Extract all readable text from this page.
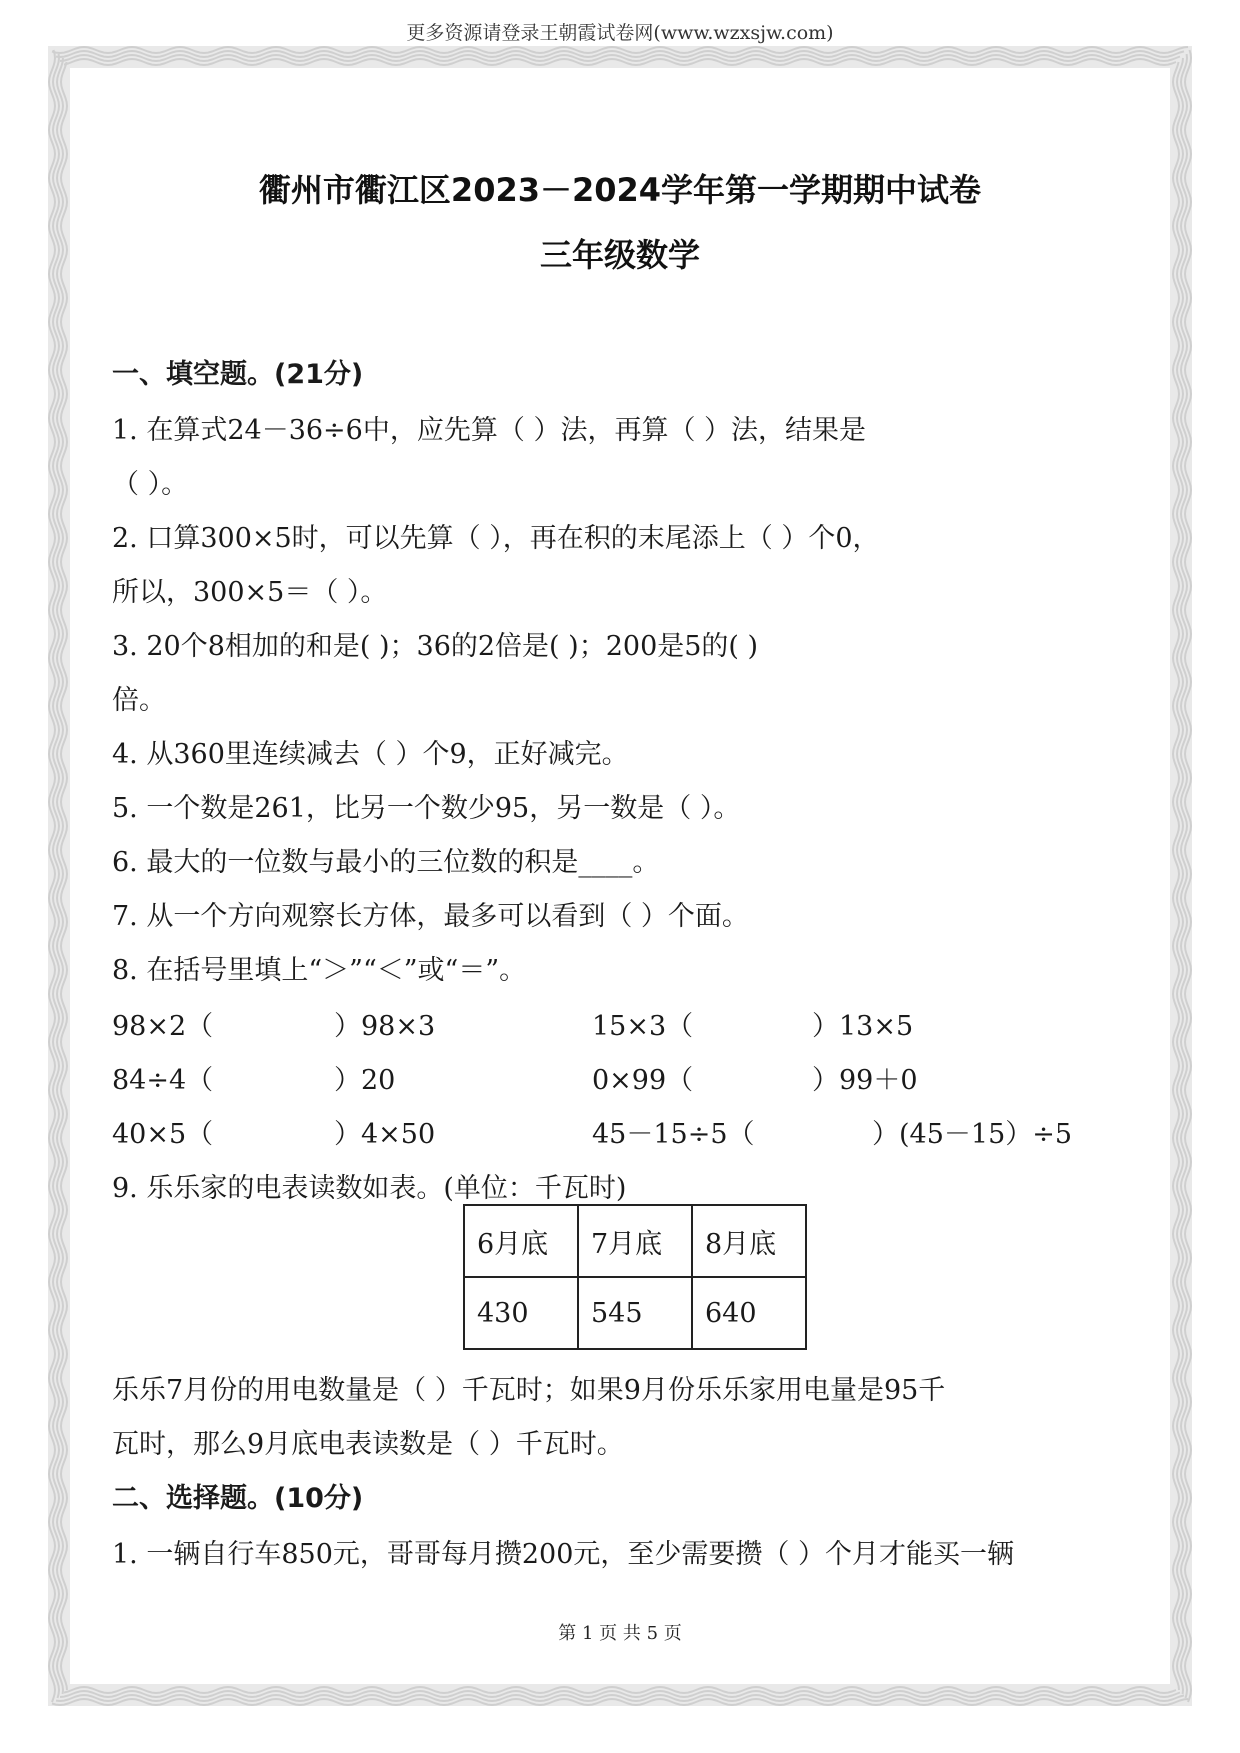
更多资源请登录王朝霞试卷网(www.wzxsjw.com)
衢州市衢江区2023－2024学年第一学期期中试卷
三年级数学
一、填空题。(21分)
1. 在算式24－36÷6中，应先算（ ）法，再算（ ）法，结果是
（ ）。
2. 口算300×5时，可以先算（ ），再在积的末尾添上（ ）个0，
所以，300×5＝（ ）。
3. 20个8相加的和是( )；36的2倍是( )；200是5的( )
倍。
4. 从360里连续减去（ ）个9，正好减完。
5. 一个数是261，比另一个数少95，另一数是（ ）。
6. 最大的一位数与最小的三位数的积是____。
7. 从一个方向观察长方体，最多可以看到（ ）个面。
8. 在括号里填上“＞”“＜”或“＝”。
98×2（	）98×3	15×3（	）13×5
84÷4（	）20	0×99（	）99＋0
40×5（	）4×50	45－15÷5（	）(45－15）÷5
9. 乐乐家的电表读数如表。(单位：千瓦时)
6月底	7月底	8月底
430	545	640
乐乐7月份的用电数量是（ ）千瓦时；如果9月份乐乐家用电量是95千
瓦时，那么9月底电表读数是（ ）千瓦时。
二、选择题。(10分)
1. 一辆自行车850元，哥哥每月攒200元，至少需要攒（ ）个月才能买一辆
第 1 页 共 5 页
